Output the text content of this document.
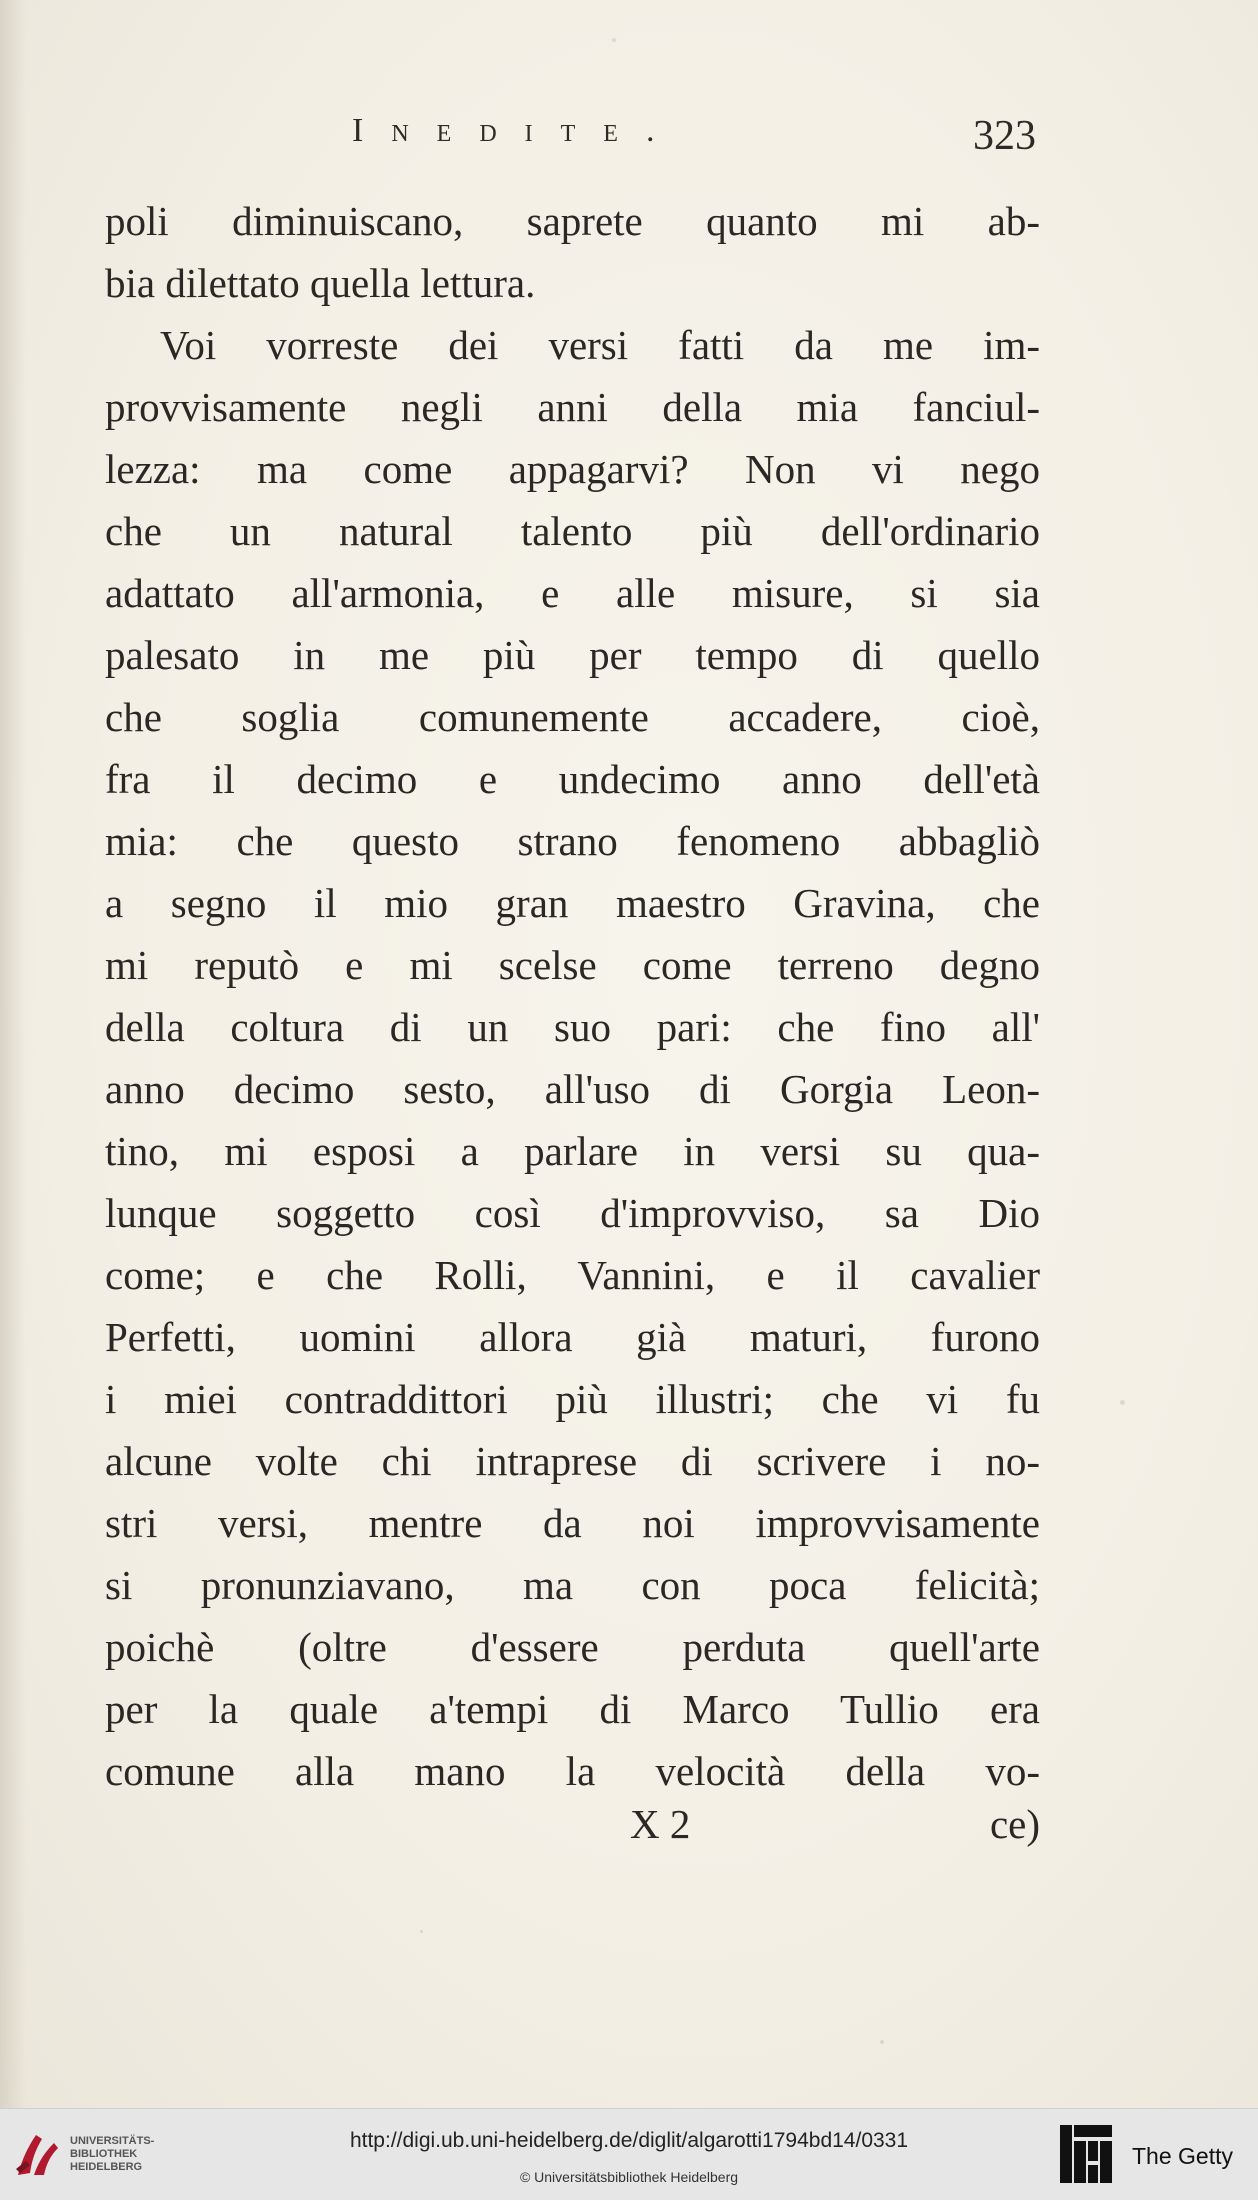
Inedite.	323
poli diminuiscano, saprete quanto mi ab-
bia dilettato quella lettura.
Voi vorreste dei versi fatti da me im-
provvisamente negli anni della mia fanciul-
lezza: ma come appagarvi? Non vi nego
che un natural talento più dell'ordinario
adattato all'armonia, e alle misure, si sia
palesato in me più per tempo di quello
che soglia comunemente accadere, cioè,
fra il decimo e undecimo anno dell'età
mia: che questo strano fenomeno abbagliò
a segno il mio gran maestro Gravina, che
mi reputò e mi scelse come terreno degno
della coltura di un suo pari: che fino all'
anno decimo sesto, all'uso di Gorgia Leon-
tino, mi esposi a parlare in versi su qua-
lunque soggetto così d'improvviso, sa Dio
come; e che Rolli, Vannini, e il cavalier
Perfetti, uomini allora già maturi, furono
i miei contraddittori più illustri; che vi fu
alcune volte chi intraprese di scrivere i no-
stri versi, mentre da noi improvvisamente
si pronunziavano, ma con poca felicità;
poichè (oltre d'essere perduta quell'arte
per la quale a'tempi di Marco Tullio era
comune alla mano la velocità della vo-
X 2	ce)
UNIVERSITÄTS-
BIBLIOTHEK
HEIDELBERG
http://digi.ub.uni-heidelberg.de/diglit/algarotti1794bd14/0331
© Universitätsbibliothek Heidelberg
The Getty
